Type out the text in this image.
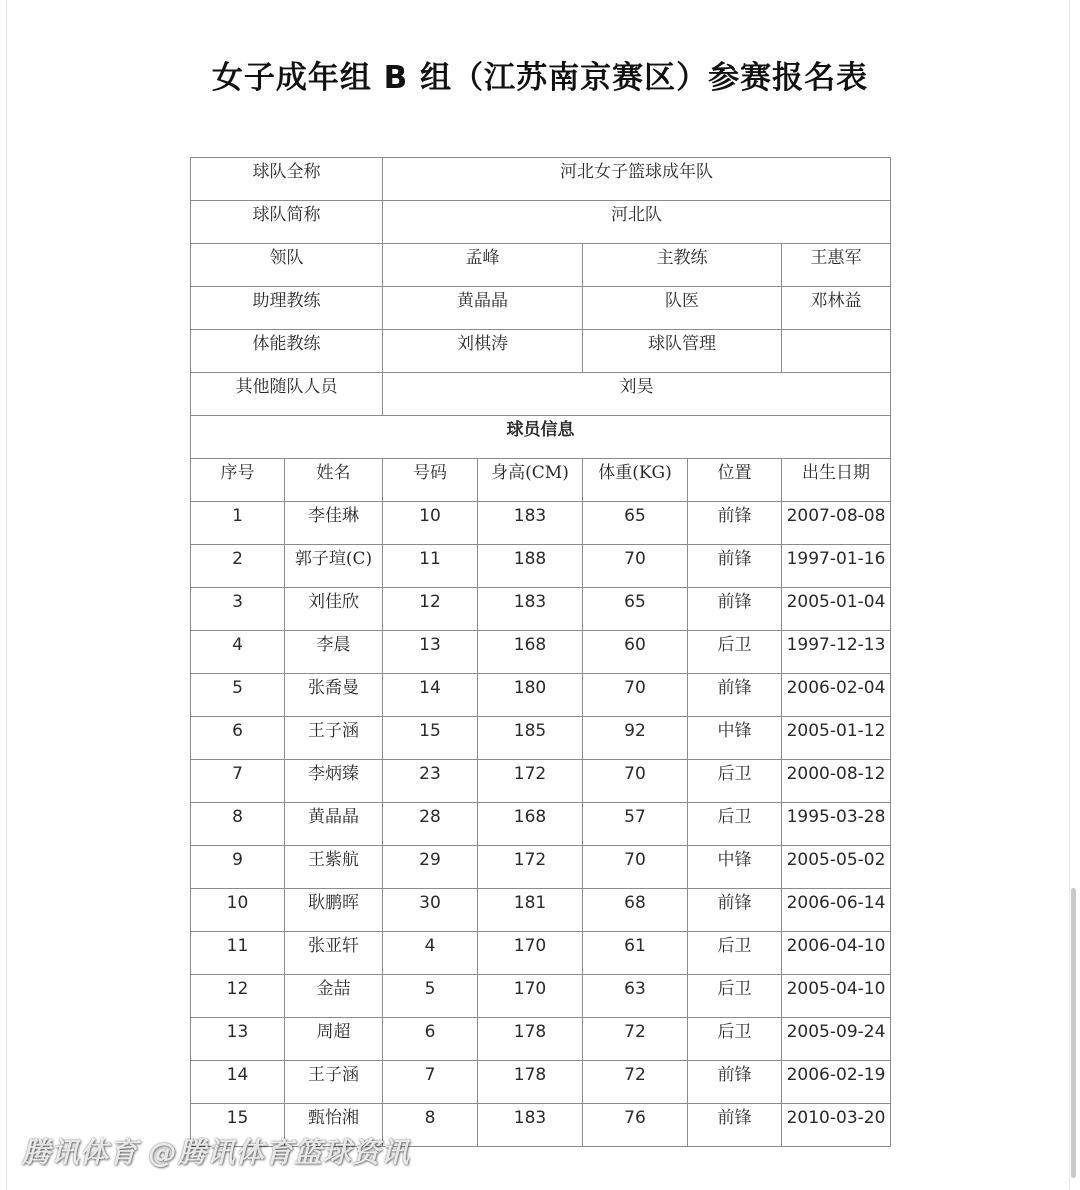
女子成年组 B 组（江苏南京赛区）参赛报名表
球队全称		河北女子篮球成年队				
球队简称		河北队				
领队		孟峰		主教练		王惠军
助理教练		黄晶晶		队医		邓林益
体能教练		刘棋涛		球队管理		
其他随队人员		刘昊				
球员信息						
序号	姓名	号码	身高(CM)	体重(KG)	位置	出生日期
1	李佳琳	10	183	65	前锋	2007-08-08
2	郭子瑄(C)	11	188	70	前锋	1997-01-16
3	刘佳欣	12	183	65	前锋	2005-01-04
4	李晨	13	168	60	后卫	1997-12-13
5	张喬曼	14	180	70	前锋	2006-02-04
6	王子涵	15	185	92	中锋	2005-01-12
7	李炳臻	23	172	70	后卫	2000-08-12
8	黄晶晶	28	168	57	后卫	1995-03-28
9	王紫航	29	172	70	中锋	2005-05-02
10	耿鹏晖	30	181	68	前锋	2006-06-14
11	张亚轩	4	170	61	后卫	2006-04-10
12	金喆	5	170	63	后卫	2005-04-10
13	周超	6	178	72	后卫	2005-09-24
14	王子涵	7	178	72	前锋	2006-02-19
15	甄怡湘	8	183	76	前锋	2010-03-20
腾讯体育 @腾讯体育篮球资讯
